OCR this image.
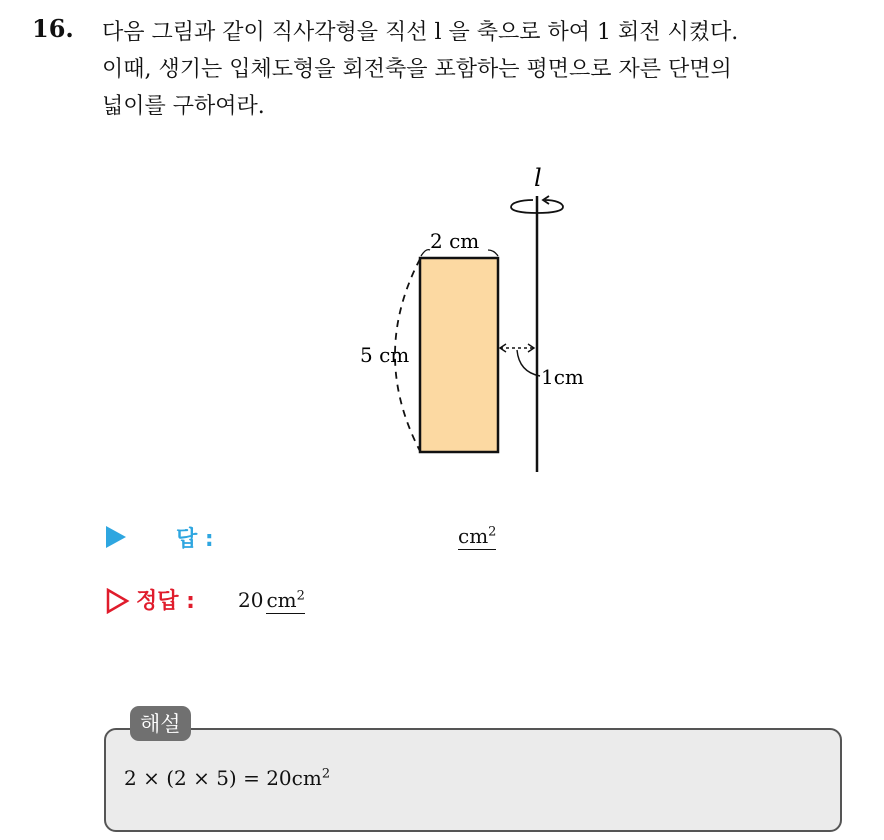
16. 다음 그림과 같이 직사각형을 직선 l 을 축으로 하여 1 회전 시켰다.
이때, 생기는 입체도형을 회전축을 포함하는 평면으로 자른 단면의
넓이를 구하여라.
l
2 cm
5 cm
1cm
답 :	$cm^2$
정답 : 20 $cm^2$
해설
$2 \times (2 \times 5) = 20cm^2$
